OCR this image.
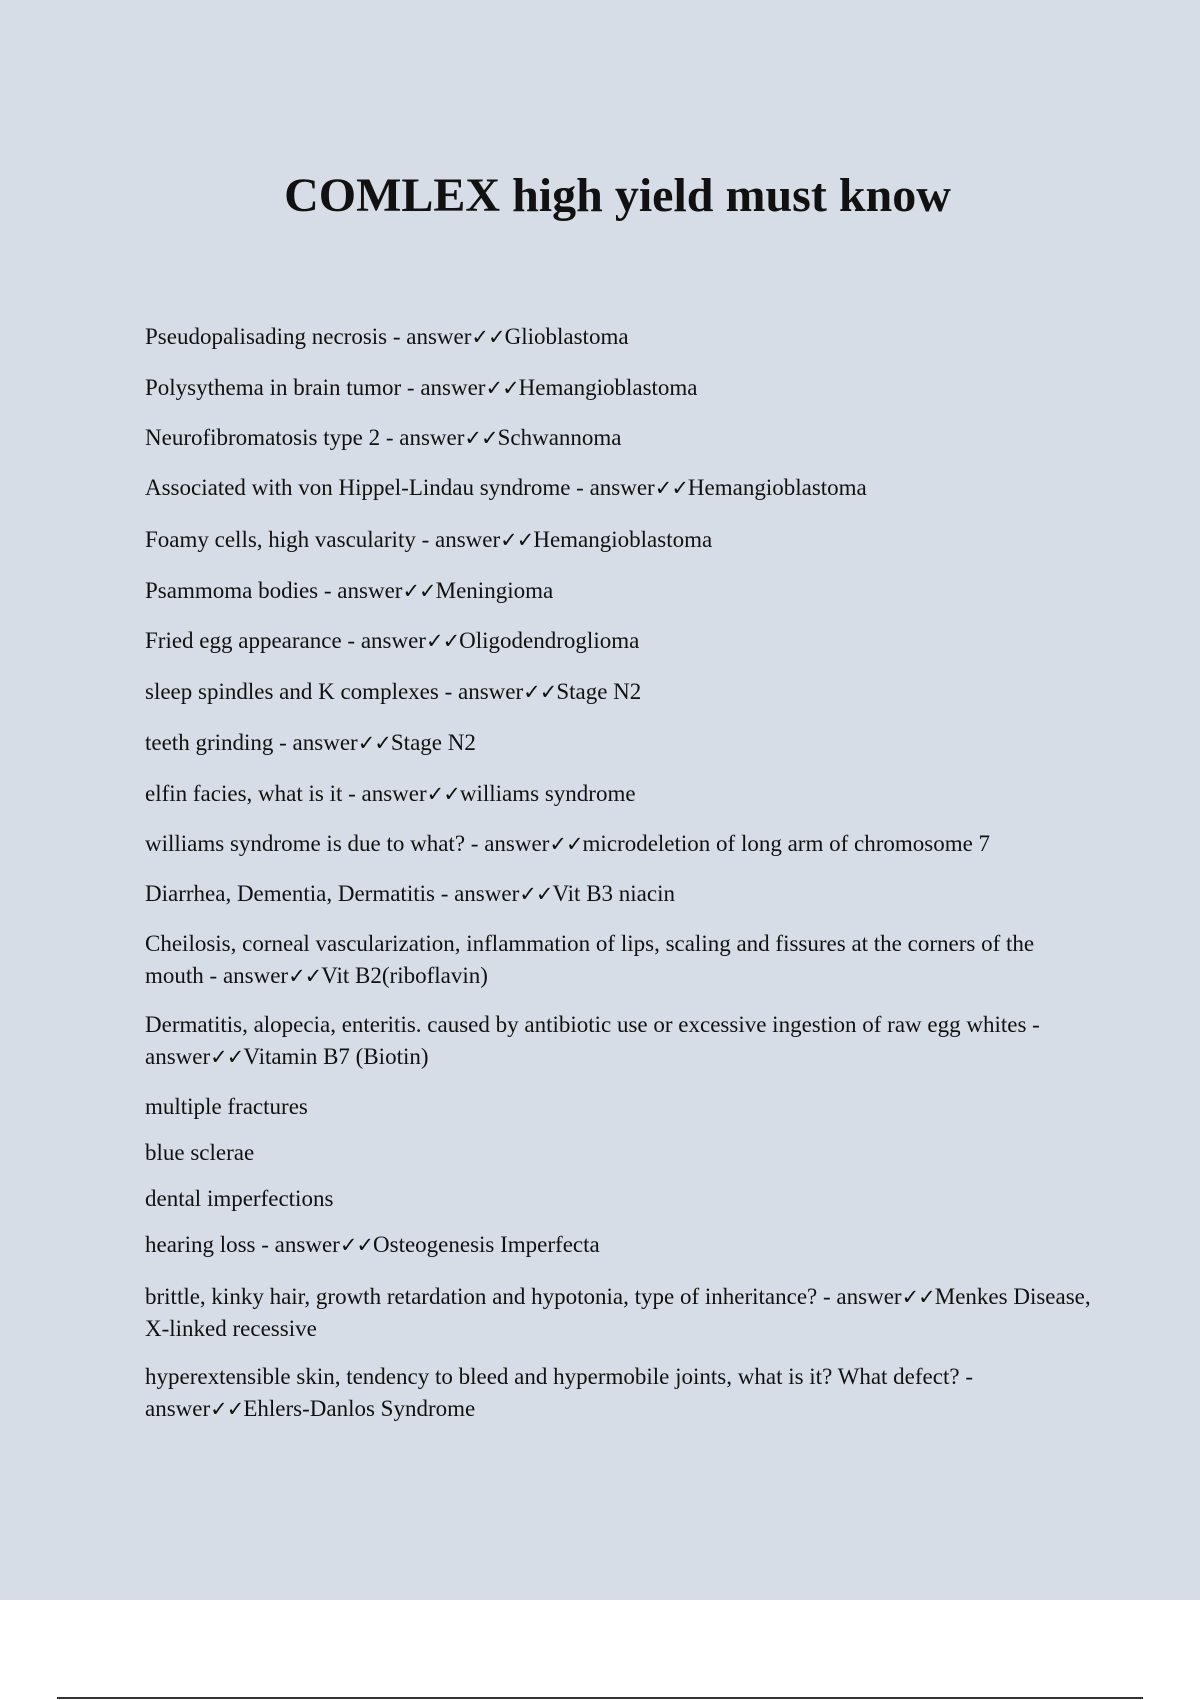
COMLEX high yield must know
Pseudopalisading necrosis - answer✓✓Glioblastoma
Polysythema in brain tumor - answer✓✓Hemangioblastoma
Neurofibromatosis type 2 - answer✓✓Schwannoma
Associated with von Hippel-Lindau syndrome - answer✓✓Hemangioblastoma
Foamy cells, high vascularity - answer✓✓Hemangioblastoma
Psammoma bodies - answer✓✓Meningioma
Fried egg appearance - answer✓✓Oligodendroglioma
sleep spindles and K complexes - answer✓✓Stage N2
teeth grinding - answer✓✓Stage N2
elfin facies, what is it - answer✓✓williams syndrome
williams syndrome is due to what? - answer✓✓microdeletion of long arm of chromosome 7
Diarrhea, Dementia, Dermatitis - answer✓✓Vit B3 niacin
Cheilosis, corneal vascularization, inflammation of lips, scaling and fissures at the corners of the mouth - answer✓✓Vit B2(riboflavin)
Dermatitis, alopecia, enteritis. caused by antibiotic use or excessive ingestion of raw egg whites - answer✓✓Vitamin B7 (Biotin)
multiple fractures
blue sclerae
dental imperfections
hearing loss - answer✓✓Osteogenesis Imperfecta
brittle, kinky hair, growth retardation and hypotonia, type of inheritance? - answer✓✓Menkes Disease, X-linked recessive
hyperextensible skin, tendency to bleed and hypermobile joints, what is it? What defect? - answer✓✓Ehlers-Danlos Syndrome
